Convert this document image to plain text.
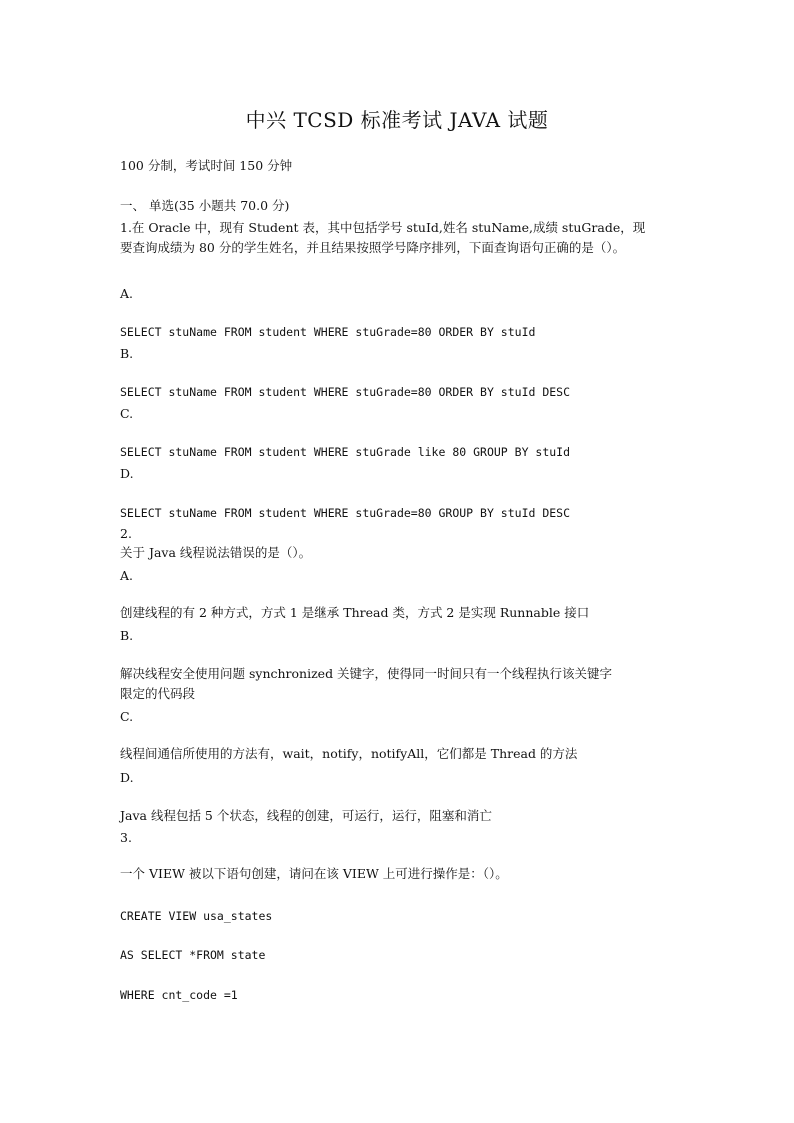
中兴 TCSD 标准考试 JAVA 试题
100 分制，考试时间 150 分钟
一、 单选(35 小题共 70.0 分)
1.在 Oracle 中，现有 Student 表，其中包括学号 stuId,姓名 stuName,成绩 stuGrade，现
要查询成绩为 80 分的学生姓名，并且结果按照学号降序排列，下面查询语句正确的是（）。
A.
SELECT stuName FROM student WHERE stuGrade=80 ORDER BY stuId
B.
SELECT stuName FROM student WHERE stuGrade=80 ORDER BY stuId DESC
C.
SELECT stuName FROM student WHERE stuGrade like 80 GROUP BY stuId
D.
SELECT stuName FROM student WHERE stuGrade=80 GROUP BY stuId DESC
2.
关于 Java 线程说法错误的是（）。
A.
创建线程的有 2 种方式，方式 1 是继承 Thread 类，方式 2 是实现 Runnable 接口
B.
解决线程安全使用问题 synchronized 关键字，使得同一时间只有一个线程执行该关键字
限定的代码段
C.
线程间通信所使用的方法有，wait，notify，notifyAll，它们都是 Thread 的方法
D.
Java 线程包括 5 个状态，线程的创建，可运行，运行，阻塞和消亡
3.
一个 VIEW 被以下语句创建，请问在该 VIEW 上可进行操作是：（）。
CREATE VIEW usa_states
AS SELECT *FROM state
WHERE cnt_code =1
